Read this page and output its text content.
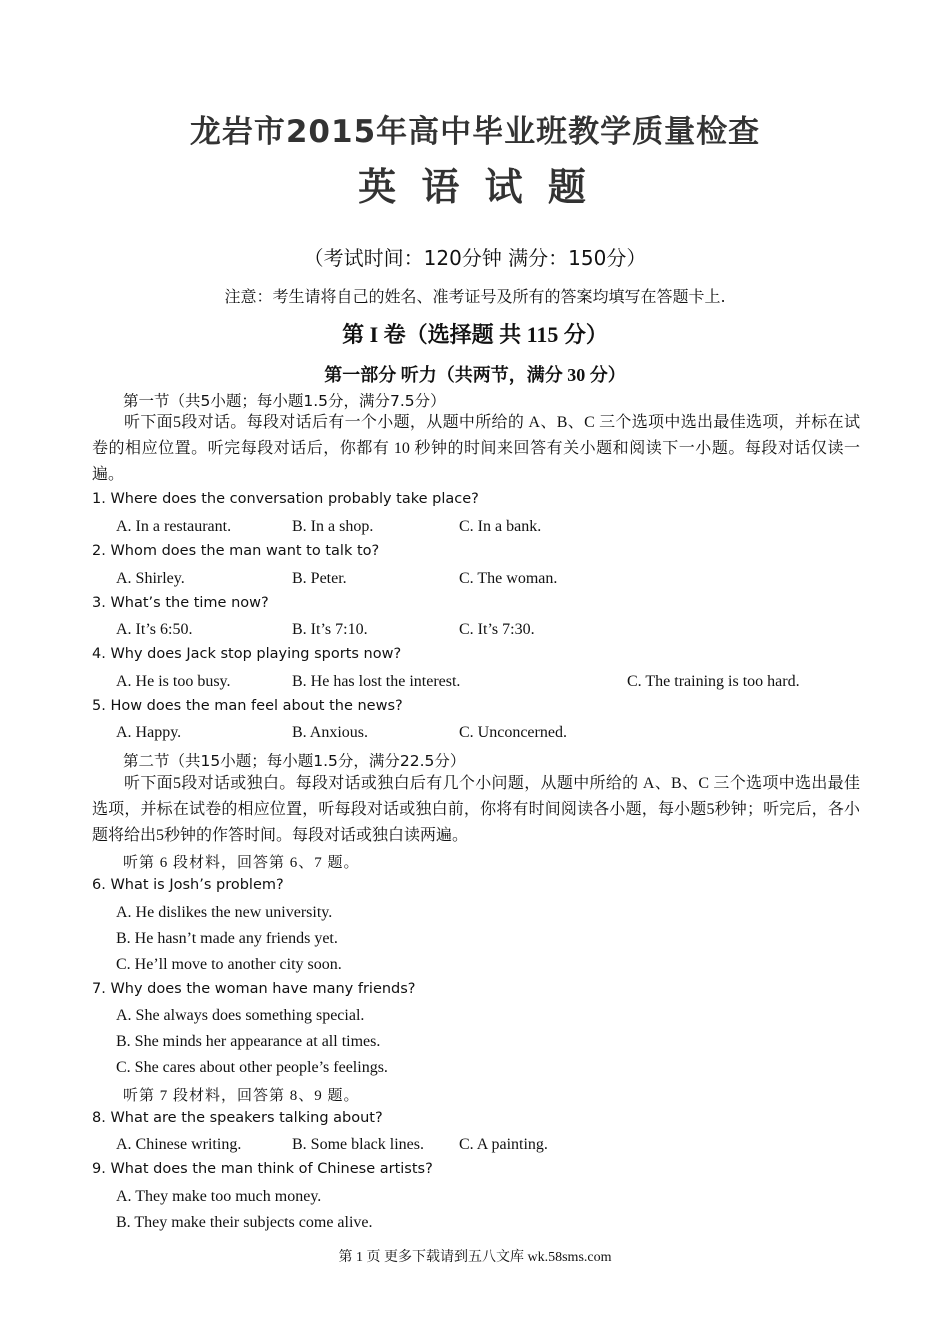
龙岩市2015年高中毕业班教学质量检查
英 语 试 题
（考试时间：120分钟 满分：150分）
注意：考生请将自己的姓名、准考证号及所有的答案均填写在答题卡上.
第 I 卷（选择题 共 115 分）
第一部分 听力（共两节，满分 30 分）
第一节（共5小题；每小题1.5分，满分7.5分）
听下面5段对话。每段对话后有一个小题，从题中所给的 A、B、C 三个选项中选出最佳选项，并标在试卷的相应位置。听完每段对话后，你都有 10 秒钟的时间来回答有关小题和阅读下一小题。每段对话仅读一遍。
1. Where does the conversation probably take place?
A. In a restaurant.	B. In a shop.	C. In a bank.
2. Whom does the man want to talk to?
A. Shirley.	B. Peter.	C. The woman.
3. What’s the time now?
A. It’s 6:50.	B. It’s 7:10.	C. It’s 7:30.
4. Why does Jack stop playing sports now?
A. He is too busy.	B. He has lost the interest.	C. The training is too hard.
5. How does the man feel about the news?
A. Happy.	B. Anxious.	C. Unconcerned.
第二节（共15小题；每小题1.5分，满分22.5分）
听下面5段对话或独白。每段对话或独白后有几个小问题，从题中所给的 A、B、C 三个选项中选出最佳选项，并标在试卷的相应位置，听每段对话或独白前，你将有时间阅读各小题，每小题5秒钟；听完后，各小题将给出5秒钟的作答时间。每段对话或独白读两遍。
听第 6 段材料，回答第 6、7 题。
6. What is Josh’s problem?
A. He dislikes the new university.
B. He hasn’t made any friends yet.
C. He’ll move to another city soon.
7. Why does the woman have many friends?
A. She always does something special.
B. She minds her appearance at all times.
C. She cares about other people’s feelings.
听第 7 段材料，回答第 8、9 题。
8. What are the speakers talking about?
A. Chinese writing.	B. Some black lines. C. A painting.
9. What does the man think of Chinese artists?
A. They make too much money.
B. They make their subjects come alive.
第 1 页 更多下载请到五八文库 wk.58sms.com
